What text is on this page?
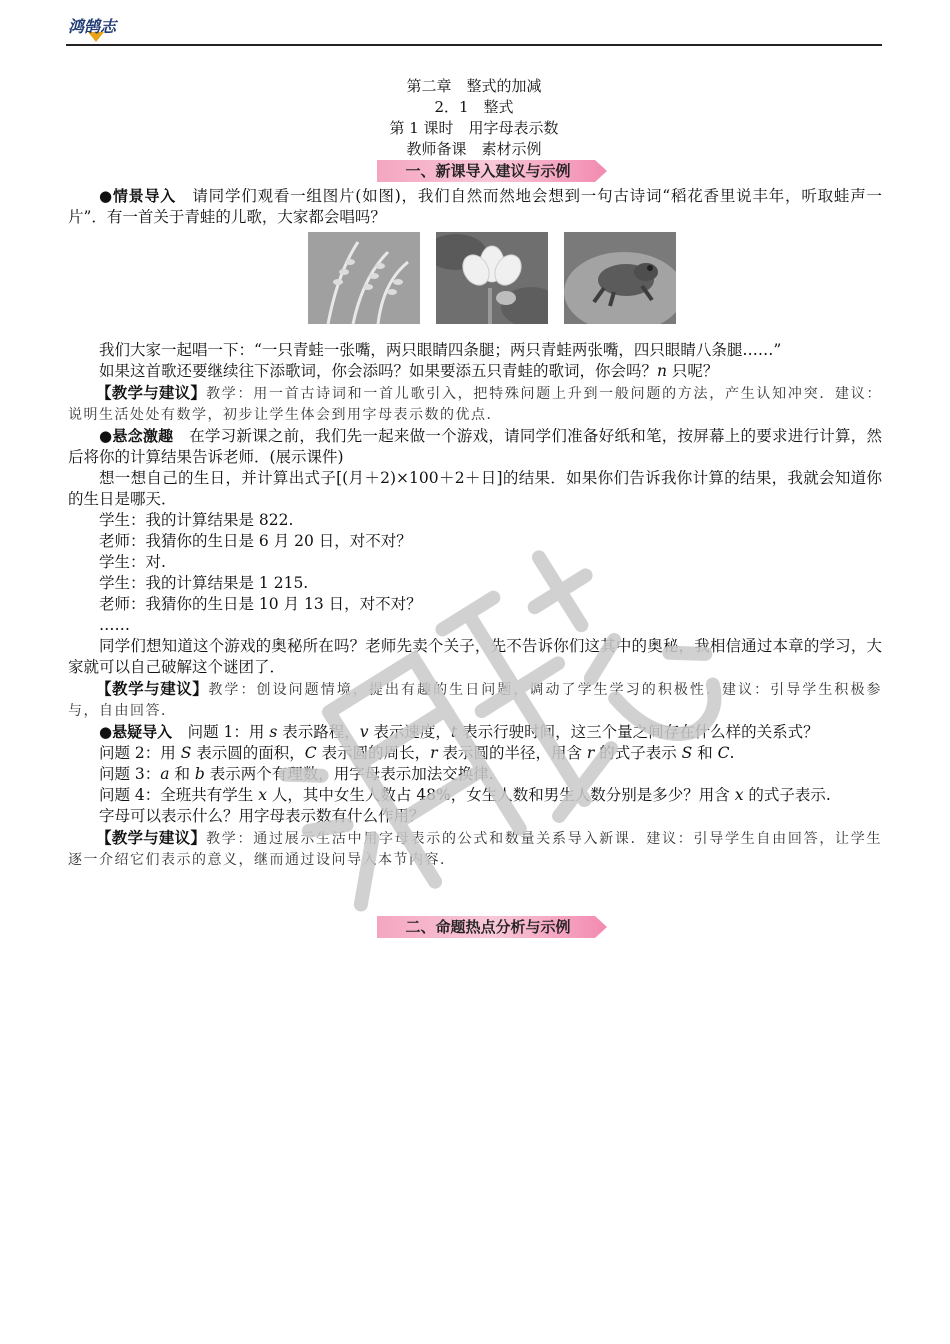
鸿鹄志
第二章　整式的加减
2．1　整式
第 1 课时　用字母表示数
教师备课　素材示例
一、新课导入建议与示例

●情景导入　请同学们观看一组图片(如图)，我们自然而然地会想到一句古诗词“稻花香里说丰年，听取蛙声一片”．有一首关于青蛙的儿歌，大家都会唱吗？

我们大家一起唱一下：“一只青蛙一张嘴，两只眼睛四条腿；两只青蛙两张嘴，四只眼睛八条腿……”

如果这首歌还要继续往下添歌词，你会添吗？如果要添五只青蛙的歌词，你会吗？n 只呢？

【教学与建议】教学：用一首古诗词和一首儿歌引入，把特殊问题上升到一般问题的方法，产生认知冲突．建议：说明生活处处有数学，初步让学生体会到用字母表示数的优点．

●悬念激趣　在学习新课之前，我们先一起来做一个游戏，请同学们准备好纸和笔，按屏幕上的要求进行计算，然后将你的计算结果告诉老师．(展示课件)

想一想自己的生日，并计算出式子[(月＋2)×100＋2＋日]的结果．如果你们告诉我你计算的结果，我就会知道你的生日是哪天．

学生：我的计算结果是 822.

老师：我猜你的生日是 6 月 20 日，对不对？

学生：对.

学生：我的计算结果是 1 215.

老师：我猜你的生日是 10 月 13 日，对不对？

……

同学们想知道这个游戏的奥秘所在吗？老师先卖个关子，先不告诉你们这其中的奥秘，我相信通过本章的学习，大家就可以自己破解这个谜团了．

【教学与建议】教学：创设问题情境，提出有趣的生日问题，调动了学生学习的积极性．建议：引导学生积极参与，自由回答．

●悬疑导入　问题 1：用 s 表示路程，v 表示速度，t 表示行驶时间，这三个量之间存在什么样的关系式？

问题 2：用 S 表示圆的面积，C 表示圆的周长，r 表示圆的半径，用含 r 的式子表示 S 和 C.

问题 3：a 和 b 表示两个有理数，用字母表示加法交换律.

问题 4：全班共有学生 x 人，其中女生人数占 48%，女生人数和男生人数分别是多少？用含 x 的式子表示.

字母可以表示什么？用字母表示数有什么作用？

【教学与建议】教学：通过展示生活中用字母表示的公式和数量关系导入新课．建议：引导学生自由回答，让学生逐一介绍它们表示的意义，继而通过设问导入本节内容．

二、命题热点分析与示例
